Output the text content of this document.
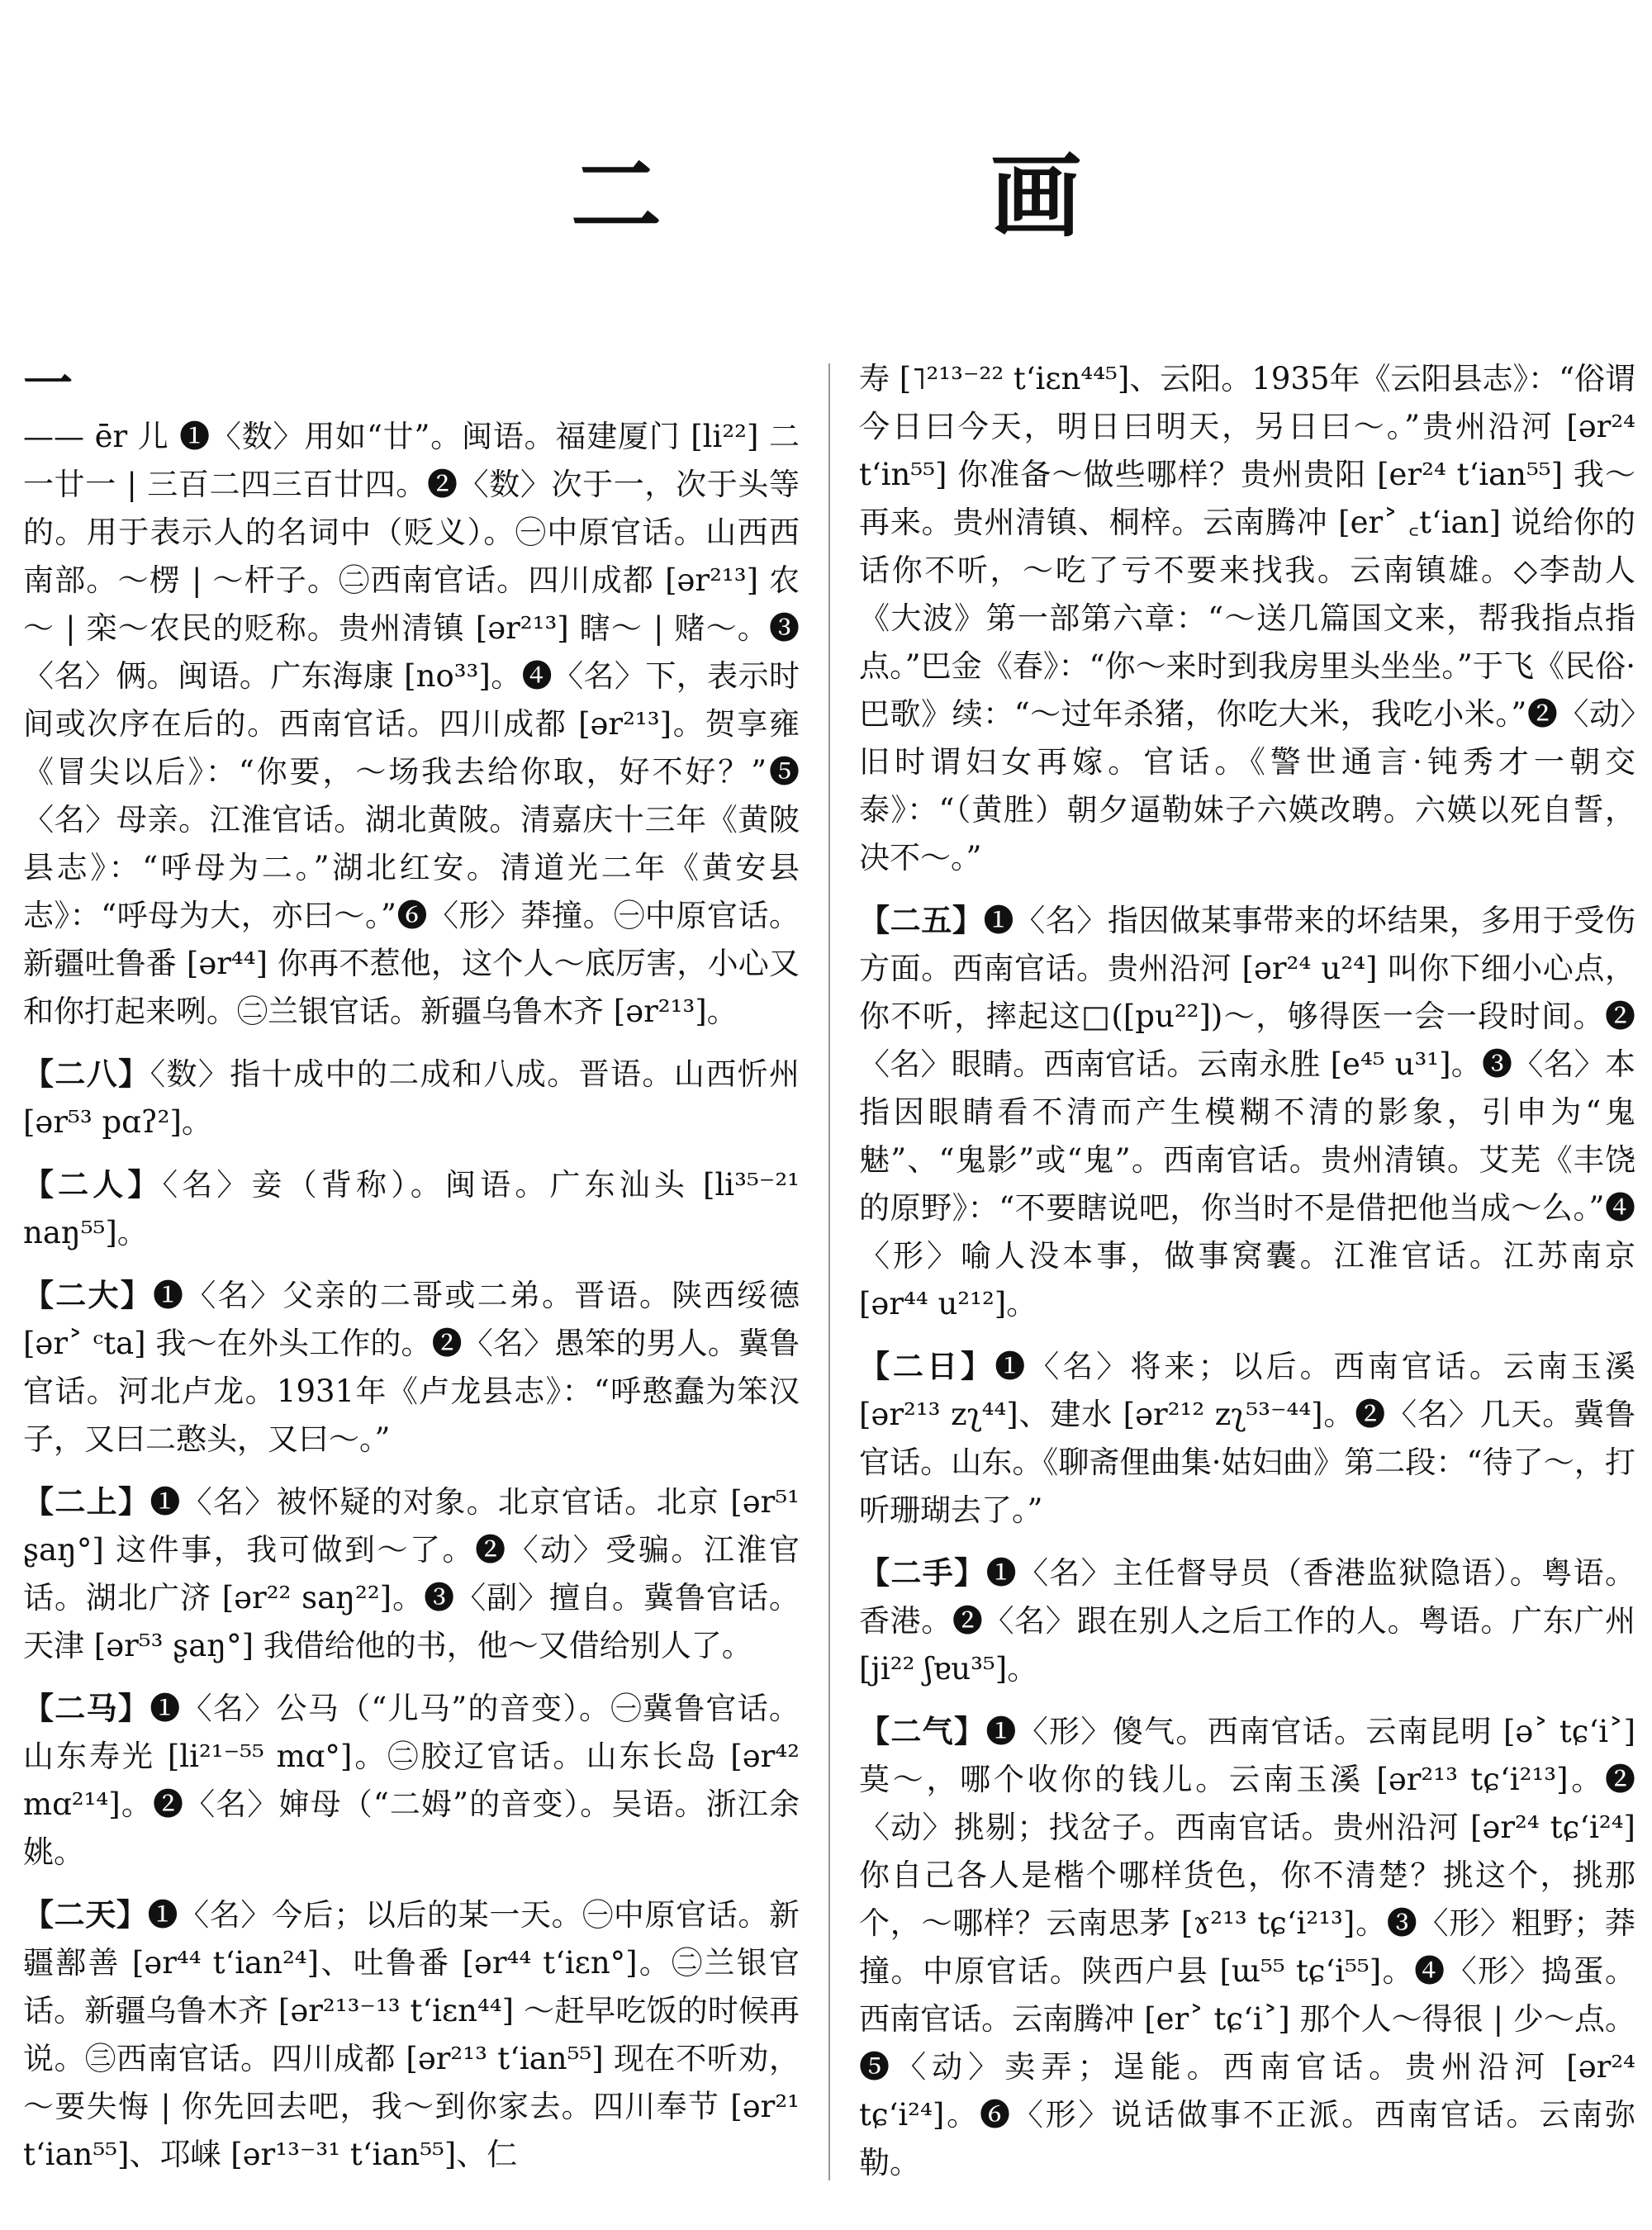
二 画
一
—— ēr 儿 ❶〈数〉用如“廿”。闽语。福建厦门 [li²²] 二一廿一 | 三百二四三百廿四。❷〈数〉次于一，次于头等的。用于表示人的名词中（贬义）。㊀中原官话。山西西南部。～楞 | ～杆子。㊁西南官话。四川成都 [ər²¹³] 农～ | 栾～农民的贬称。贵州清镇 [ər²¹³] 瞎～ | 赌～。❸〈名〉俩。闽语。广东海康 [no³³]。❹〈名〉下，表示时间或次序在后的。西南官话。四川成都 [ər²¹³]。贺享雍《冒尖以后》：“你要，～场我去给你取，好不好？”❺〈名〉母亲。江淮官话。湖北黄陂。清嘉庆十三年《黄陂县志》：“呼母为二。”湖北红安。清道光二年《黄安县志》：“呼母为大，亦曰～。”❻〈形〉莽撞。㊀中原官话。新疆吐鲁番 [ər⁴⁴] 你再不惹他，这个人～底厉害，小心又和你打起来咧。㊁兰银官话。新疆乌鲁木齐 [ər²¹³]。
【二八】〈数〉指十成中的二成和八成。晋语。山西忻州 [ər⁵³ pɑʔ²]。
【二人】〈名〉妾（背称）。闽语。广东汕头 [li³⁵⁻²¹ naŋ⁵⁵]。
【二大】❶〈名〉父亲的二哥或二弟。晋语。陕西绥德 [ər˃ ᶜta] 我～在外头工作的。❷〈名〉愚笨的男人。冀鲁官话。河北卢龙。1931年《卢龙县志》：“呼憨蠢为笨汉子，又曰二憨头，又曰～。”
【二上】❶〈名〉被怀疑的对象。北京官话。北京 [ər⁵¹ ʂaŋ°] 这件事，我可做到～了。❷〈动〉受骗。江淮官话。湖北广济 [ər²² saŋ²²]。❸〈副〉擅自。冀鲁官话。天津 [ər⁵³ ʂaŋ°] 我借给他的书，他～又借给别人了。
【二马】❶〈名〉公马（“儿马”的音变）。㊀冀鲁官话。山东寿光 [li²¹⁻⁵⁵ mɑ°]。㊁胶辽官话。山东长岛 [ər⁴² mɑ²¹⁴]。❷〈名〉婶母（“二姆”的音变）。吴语。浙江余姚。
【二天】❶〈名〉今后；以后的某一天。㊀中原官话。新疆鄯善 [ər⁴⁴ tʻian²⁴]、吐鲁番 [ər⁴⁴ tʻiɛn°]。㊁兰银官话。新疆乌鲁木齐 [ər²¹³⁻¹³ tʻiɛn⁴⁴] ～赶早吃饭的时候再说。㊂西南官话。四川成都 [ər²¹³ tʻian⁵⁵] 现在不听劝，～要失悔 | 你先回去吧，我～到你家去。四川奉节 [ər²¹ tʻian⁵⁵]、邛崃 [ər¹³⁻³¹ tʻian⁵⁵]、仁
寿 [˥²¹³⁻²² tʻiɛn⁴⁴⁵]、云阳。1935年《云阳县志》：“俗谓今日曰今天，明日曰明天，另日曰～。”贵州沿河 [ər²⁴ tʻin⁵⁵] 你准备～做些哪样？贵州贵阳 [er²⁴ tʻian⁵⁵] 我～再来。贵州清镇、桐梓。云南腾冲 [er˃ ꜀tʻian] 说给你的话你不听，～吃了亏不要来找我。云南镇雄。◇李劼人《大波》第一部第六章：“～送几篇国文来，帮我指点指点。”巴金《春》：“你～来时到我房里头坐坐。”于飞《民俗·巴歌》续：“～过年杀猪，你吃大米，我吃小米。”❷〈动〉旧时谓妇女再嫁。官话。《警世通言·钝秀才一朝交泰》：“（黄胜）朝夕逼勒妹子六媖改聘。六媖以死自誓，决不～。”
【二五】❶〈名〉指因做某事带来的坏结果，多用于受伤方面。西南官话。贵州沿河 [ər²⁴ u²⁴] 叫你下细小心点，你不听，摔起这□([pu²²])～，够得医一会一段时间。❷〈名〉眼睛。西南官话。云南永胜 [e⁴⁵ u³¹]。❸〈名〉本指因眼睛看不清而产生模糊不清的影象，引申为“鬼魅”、“鬼影”或“鬼”。西南官话。贵州清镇。艾芜《丰饶的原野》：“不要瞎说吧，你当时不是借把他当成～么。”❹〈形〉喻人没本事，做事窝囊。江淮官话。江苏南京 [ər⁴⁴ u²¹²]。
【二日】❶〈名〉将来；以后。西南官话。云南玉溪 [ər²¹³ zʅ⁴⁴]、建水 [ər²¹² zʅ⁵³⁻⁴⁴]。❷〈名〉几天。冀鲁官话。山东。《聊斋俚曲集·姑妇曲》第二段：“待了～，打听珊瑚去了。”
【二手】❶〈名〉主任督导员（香港监狱隐语）。粤语。香港。❷〈名〉跟在别人之后工作的人。粤语。广东广州 [ji²² ʃɐu³⁵]。
【二气】❶〈形〉傻气。西南官话。云南昆明 [ə˃ tɕʻi˃] 莫～，哪个收你的钱儿。云南玉溪 [ər²¹³ tɕʻi²¹³]。❷〈动〉挑剔；找岔子。西南官话。贵州沿河 [ər²⁴ tɕʻi²⁴] 你自己各人是楷个哪样货色，你不清楚？挑这个，挑那个，～哪样？云南思茅 [ɤ²¹³ tɕʻi²¹³]。❸〈形〉粗野；莽撞。中原官话。陕西户县 [ɯ⁵⁵ tɕʻi⁵⁵]。❹〈形〉捣蛋。西南官话。云南腾冲 [er˃ tɕʻi˃] 那个人～得很 | 少～点。❺〈动〉卖弄；逞能。西南官话。贵州沿河 [ər²⁴ tɕʻi²⁴]。❻〈形〉说话做事不正派。西南官话。云南弥勒。
